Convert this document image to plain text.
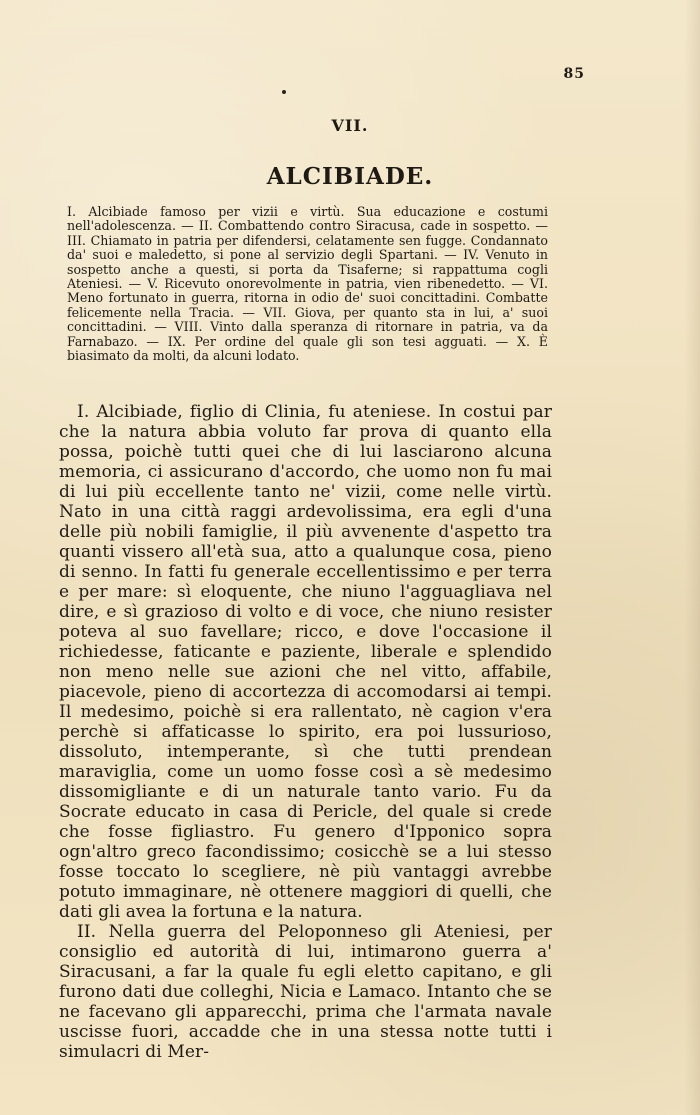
85
VII.
ALCIBIADE.
I. Alcibiade famoso per vizii e virtù. Sua educazione e costumi nell'adolescenza. — II. Combattendo contro Siracusa, cade in sospetto. — III. Chiamato in patria per difendersi, celatamente sen fugge. Condannato da' suoi e maledetto, si pone al servizio degli Spartani. — IV. Venuto in sospetto anche a questi, si porta da Tisaferne; si rappattuma cogli Ateniesi. — V. Ricevuto onorevolmente in patria, vien ribenedetto. — VI. Meno fortunato in guerra, ritorna in odio de' suoi concittadini. Combatte felicemente nella Tracia. — VII. Giova, per quanto sta in lui, a' suoi concittadini. — VIII. Vinto dalla speranza di ritornare in patria, va da Farnabazo. — IX. Per ordine del quale gli son tesi agguati. — X. È biasimato da molti, da alcuni lodato.

I. Alcibiade, figlio di Clinia, fu ateniese. In costui par che la natura abbia voluto far prova di quanto ella possa, poichè tutti quei che di lui lasciarono alcuna memoria, ci assicurano d'accordo, che uomo non fu mai di lui più eccellente tanto ne' vizii, come nelle virtù. Nato in una città raggi ardevolissima, era egli d'una delle più nobili famiglie, il più avvenente d'aspetto tra quanti vissero all'età sua, atto a qualunque cosa, pieno di senno. In fatti fu generale eccellentissimo e per terra e per mare: sì eloquente, che niuno l'agguagliava nel dire, e sì grazioso di volto e di voce, che niuno resister poteva al suo favellare; ricco, e dove l'occasione il richiedesse, faticante e paziente, liberale e splendido non meno nelle sue azioni che nel vitto, affabile, piacevole, pieno di accortezza di accomodarsi ai tempi. Il medesimo, poichè si era rallentato, nè cagion v'era perchè si affaticasse lo spirito, era poi lussurioso, dissoluto, intemperante, sì che tutti prendean maraviglia, come un uomo fosse così a sè medesimo dissomigliante e di un naturale tanto vario. Fu da Socrate educato in casa di Pericle, del quale si crede che fosse figliastro. Fu genero d'Ipponico sopra ogn'altro greco facondissimo; cosicchè se a lui stesso fosse toccato lo scegliere, nè più vantaggi avrebbe potuto immaginare, nè ottenere maggiori di quelli, che dati gli avea la fortuna e la natura.

II. Nella guerra del Peloponneso gli Ateniesi, per consiglio ed autorità di lui, intimarono guerra a' Siracusani, a far la quale fu egli eletto capitano, e gli furono dati due colleghi, Nicia e Lamaco. Intanto che se ne facevano gli apparecchi, prima che l'armata navale uscisse fuori, accadde che in una stessa notte tutti i simulacri di Mer-
